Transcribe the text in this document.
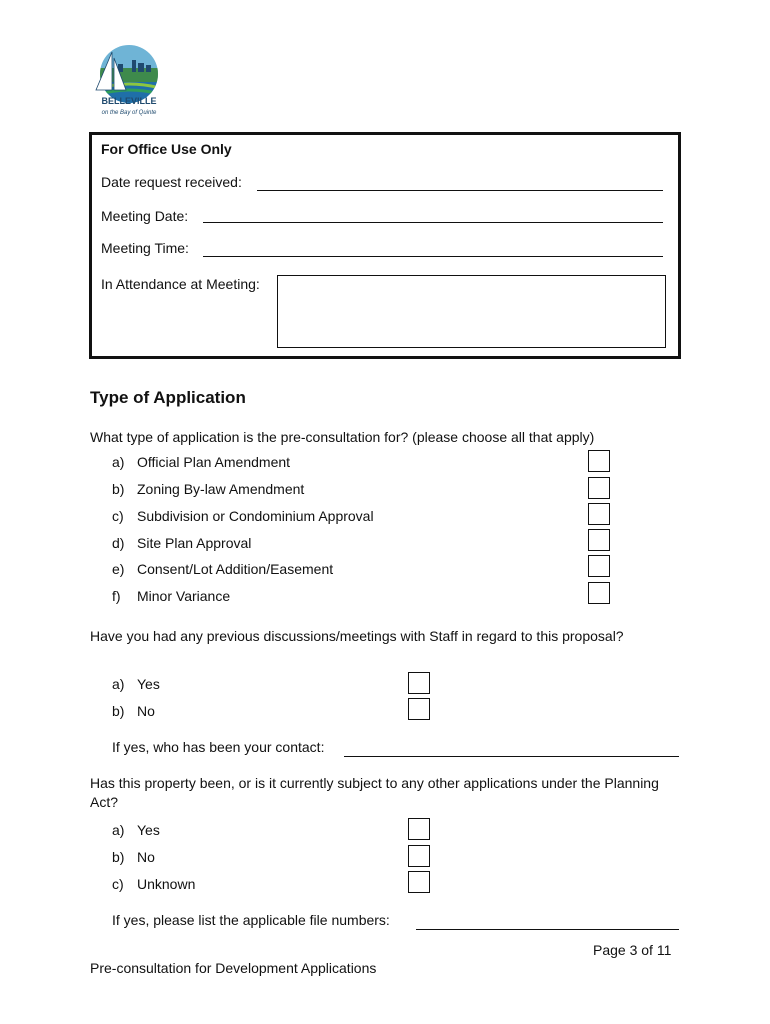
BELLEVILLE
on the Bay of Quinte
For Office Use Only
Date request received:
Meeting Date:
Meeting Time:
In Attendance at Meeting:
Type of Application
What type of application is the pre-consultation for? (please choose all that apply)
a) Official Plan Amendment
b) Zoning By-law Amendment
c) Subdivision or Condominium Approval
d) Site Plan Approval
e) Consent/Lot Addition/Easement
f) Minor Variance
Have you had any previous discussions/meetings with Staff in regard to this proposal?
a) Yes
b) No
If yes, who has been your contact:
Has this property been, or is it currently subject to any other applications under the Planning Act?
a) Yes
b) No
c) Unknown
If yes, please list the applicable file numbers:
Page 3 of 11
Pre-consultation for Development Applications
